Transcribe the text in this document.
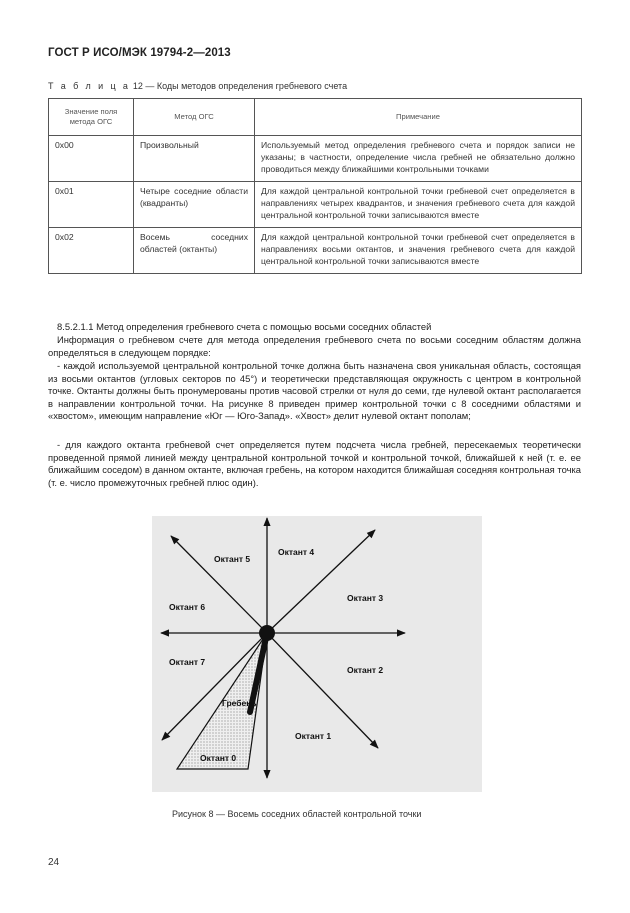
ГОСТ Р ИСО/МЭК 19794-2—2013
Т а б л и ц а 12 — Коды методов определения гребневого счета
Значение поля метода ОГС	Метод ОГС	Примечание
0x00	Произвольный	Используемый метод определения гребневого счета и порядок записи не указаны; в частности, определение числа гребней не обязательно должно проводиться между ближайшими контрольными точками
0x01	Четыре соседние области (квадранты)	Для каждой центральной контрольной точки гребневой счет определяется в направлениях четырех квадрантов, и значения гребневого счета для каждой центральной контрольной точки записываются вместе
0x02	Восемь соседних областей (октанты)	Для каждой центральной контрольной точки гребневой счет определяется в направлениях восьми октантов, и значения гребневого счета для каждой центральной контрольной точки записываются вместе
8.5.2.1.1 Метод определения гребневого счета с помощью восьми соседних областей
Информация о гребневом счете для метода определения гребневого счета по восьми соседним областям должна определяться в следующем порядке:
- каждой используемой центральной контрольной точке должна быть назначена своя уникальная область, состоящая из восьми октантов (угловых секторов по 45°) и теоретически представляющая окружность с центром в контрольной точке. Октанты должны быть пронумерованы против часовой стрелки от нуля до семи, где нулевой октант располагается в направлении контрольной точки. На рисунке 8 приведен пример контрольной точки с 8 соседними областями и «хвостом», имеющим направление «Юг — Юго-Запад». «Хвост» делит нулевой октант пополам;
- для каждого октанта гребневой счет определяется путем подсчета числа гребней, пересекаемых теоретически проведенной прямой линией между центральной контрольной точкой и контрольной точкой, ближайшей к ней (т. е. ее ближайшим соседом) в данном октанте, включая гребень, на котором находится ближайшая соседняя контрольная точка (т. е. число промежуточных гребней плюс один).
Октант 5
Октант 4
Октант 6
Октант 3
Октант 7
Октант 2
Гребень
Октант 1
Октант 0
Рисунок 8 — Восемь соседних областей контрольной точки
24
